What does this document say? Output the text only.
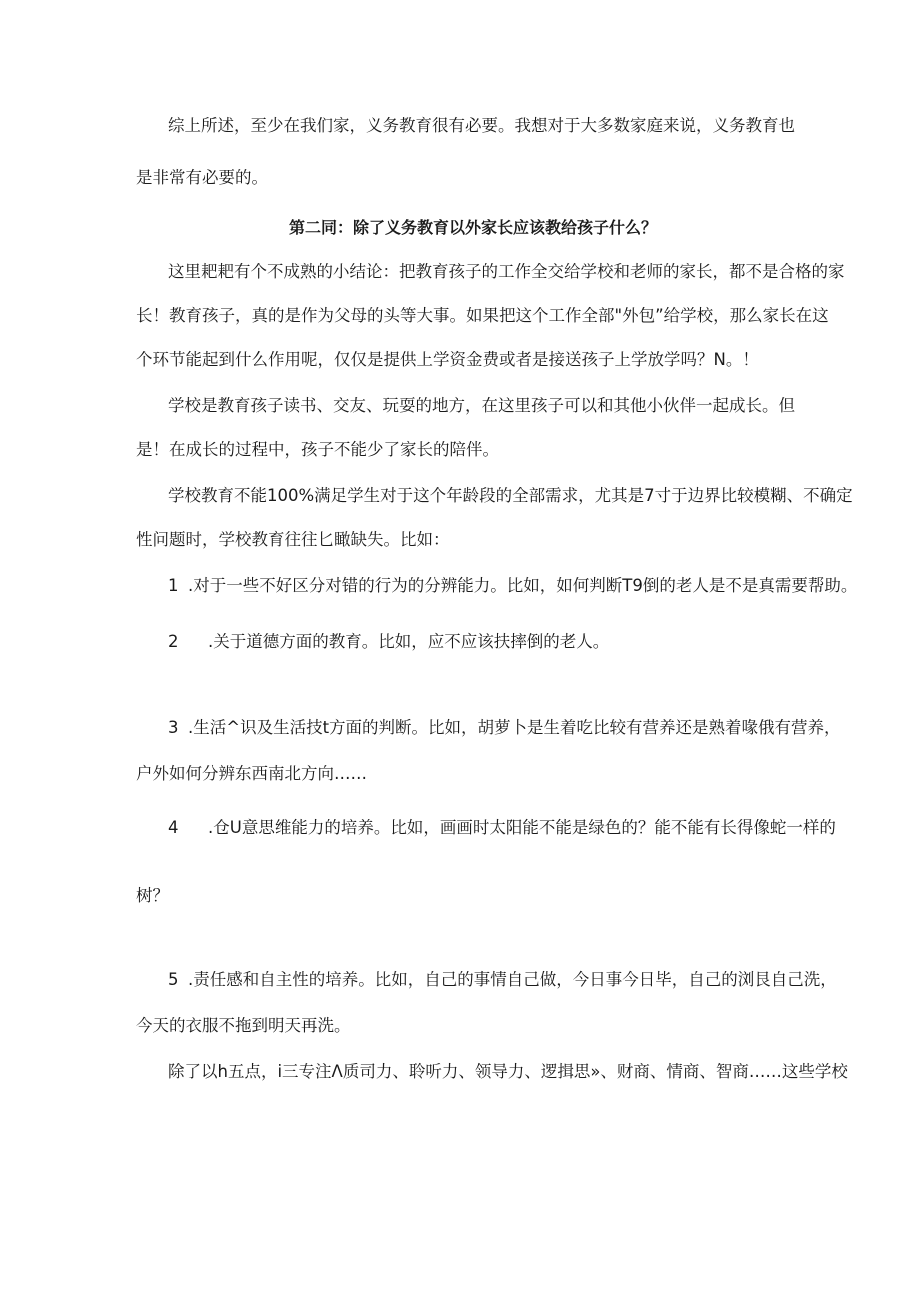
综上所述，至少在我们家，义务教育很有必要。我想对于大多数家庭来说，义务教育也
是非常有必要的。
第二同：除了义务教育以外家长应该教给孩子什么？
这里耙耙有个不成熟的小结论：把教育孩子的工作全交给学校和老师的家长，都不是合格的家
长！教育孩子，真的是作为父母的头等大事。如果把这个工作全部"外包”给学校，那么家长在这
个环节能起到什么作用呢，仅仅是提供上学资金费或者是接送孩子上学放学吗？N。！
学校是教育孩子读书、交友、玩耍的地方，在这里孩子可以和其他小伙伴一起成长。但
是！在成长的过程中，孩子不能少了家长的陪伴。
学校教育不能100%满足学生对于这个年龄段的全部需求，尤其是7寸于边界比较模糊、不确定
性问题时，学校教育往往匕瞰缺失。比如：
1 .对于一些不好区分对错的行为的分辨能力。比如，如何判断T9倒的老人是不是真需要帮助。
2 .关于道德方面的教育。比如，应不应该扶摔倒的老人。
3 .生活^识及生活技t方面的判断。比如，胡萝卜是生着吃比较有营养还是熟着喙俄有营养，
户外如何分辨东西南北方向……
4 .仓U意思维能力的培养。比如，画画时太阳能不能是绿色的？能不能有长得像蛇一样的
树？
5 .责任感和自主性的培养。比如，自己的事情自己做，今日事今日毕，自己的浏艮自己洗，
今天的衣服不拖到明天再洗。
除了以h五点，i三专注Λ质司力、聆听力、领导力、逻揖思»、财商、情商、智商……这些学校
